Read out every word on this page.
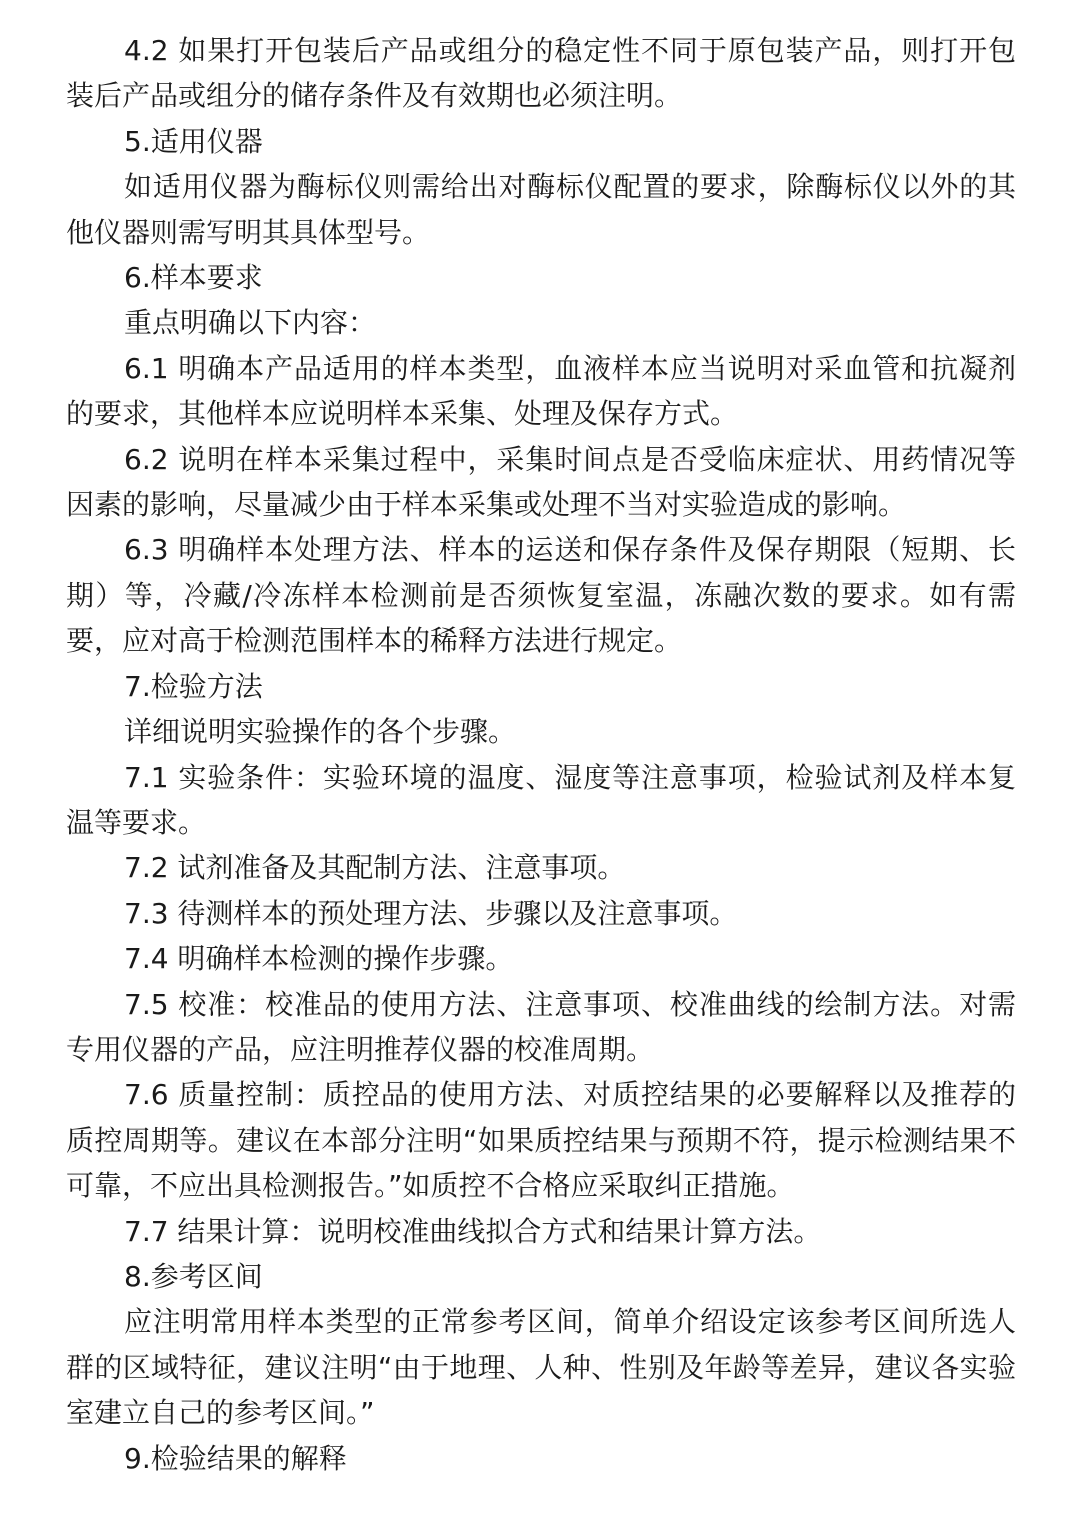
4.2 如果打开包装后产品或组分的稳定性不同于原包装产品，则打开包装后产品或组分的储存条件及有效期也必须注明。

5.适用仪器

如适用仪器为酶标仪则需给出对酶标仪配置的要求，除酶标仪以外的其他仪器则需写明其具体型号。

6.样本要求

重点明确以下内容：

6.1 明确本产品适用的样本类型，血液样本应当说明对采血管和抗凝剂的要求，其他样本应说明样本采集、处理及保存方式。

6.2 说明在样本采集过程中，采集时间点是否受临床症状、用药情况等因素的影响，尽量减少由于样本采集或处理不当对实验造成的影响。

6.3 明确样本处理方法、样本的运送和保存条件及保存期限（短期、长期）等，冷藏/冷冻样本检测前是否须恢复室温，冻融次数的要求。如有需要，应对高于检测范围样本的稀释方法进行规定。

7.检验方法

详细说明实验操作的各个步骤。

7.1 实验条件：实验环境的温度、湿度等注意事项，检验试剂及样本复温等要求。

7.2 试剂准备及其配制方法、注意事项。

7.3 待测样本的预处理方法、步骤以及注意事项。

7.4 明确样本检测的操作步骤。

7.5 校准：校准品的使用方法、注意事项、校准曲线的绘制方法。对需专用仪器的产品，应注明推荐仪器的校准周期。

7.6 质量控制：质控品的使用方法、对质控结果的必要解释以及推荐的质控周期等。建议在本部分注明“如果质控结果与预期不符，提示检测结果不可靠，不应出具检测报告。”如质控不合格应采取纠正措施。

7.7 结果计算：说明校准曲线拟合方式和结果计算方法。

8.参考区间

应注明常用样本类型的正常参考区间，简单介绍设定该参考区间所选人群的区域特征，建议注明“由于地理、人种、性别及年龄等差异，建议各实验室建立自己的参考区间。”

9.检验结果的解释
